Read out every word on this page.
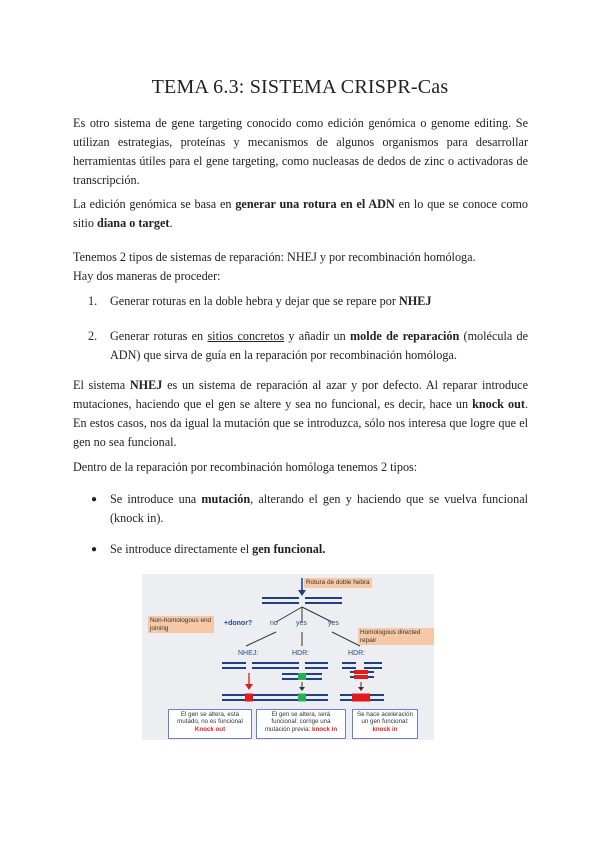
TEMA 6.3: SISTEMA CRISPR-Cas

Es otro sistema de gene targeting conocido como edición genómica o genome editing. Se utilizan estrategias, proteínas y mecanismos de algunos organismos para desarrollar herramientas útiles para el gene targeting, como nucleasas de dedos de zinc o activadoras de transcripción.

La edición genómica se basa en generar una rotura en el ADN en lo que se conoce como sitio diana o target.

Tenemos 2 tipos de sistemas de reparación: NHEJ y por recombinación homóloga.
Hay dos maneras de proceder:

1.	Generar roturas en la doble hebra y dejar que se repare por NHEJ
2.	Generar roturas en sitios concretos y añadir un molde de reparación (molécula de ADN) que sirva de guía en la reparación por recombinación homóloga.

El sistema NHEJ es un sistema de reparación al azar y por defecto. Al reparar introduce mutaciones, haciendo que el gen se altere y sea no funcional, es decir, hace un knock out. En estos casos, nos da igual la mutación que se introduzca, sólo nos interesa que logre que el gen no sea funcional.

Dentro de la reparación por recombinación homóloga tenemos 2 tipos:

● Se introduce una mutación, alterando el gen y haciendo que se vuelva funcional (knock in).
● Se introduce directamente el gen funcional.
Rotura de doble hebra
Non-homologous end joining
Homologous directed repair
+donor?	no	yes	yes
NHEJ:	HDR:	HDR:
El gen se altera, está mutado, no es funcional
Knock out
El gen se altera, será funcional: corrige una mutación previa: knock in
Se hace aceleración un gen funcional:
knock in
